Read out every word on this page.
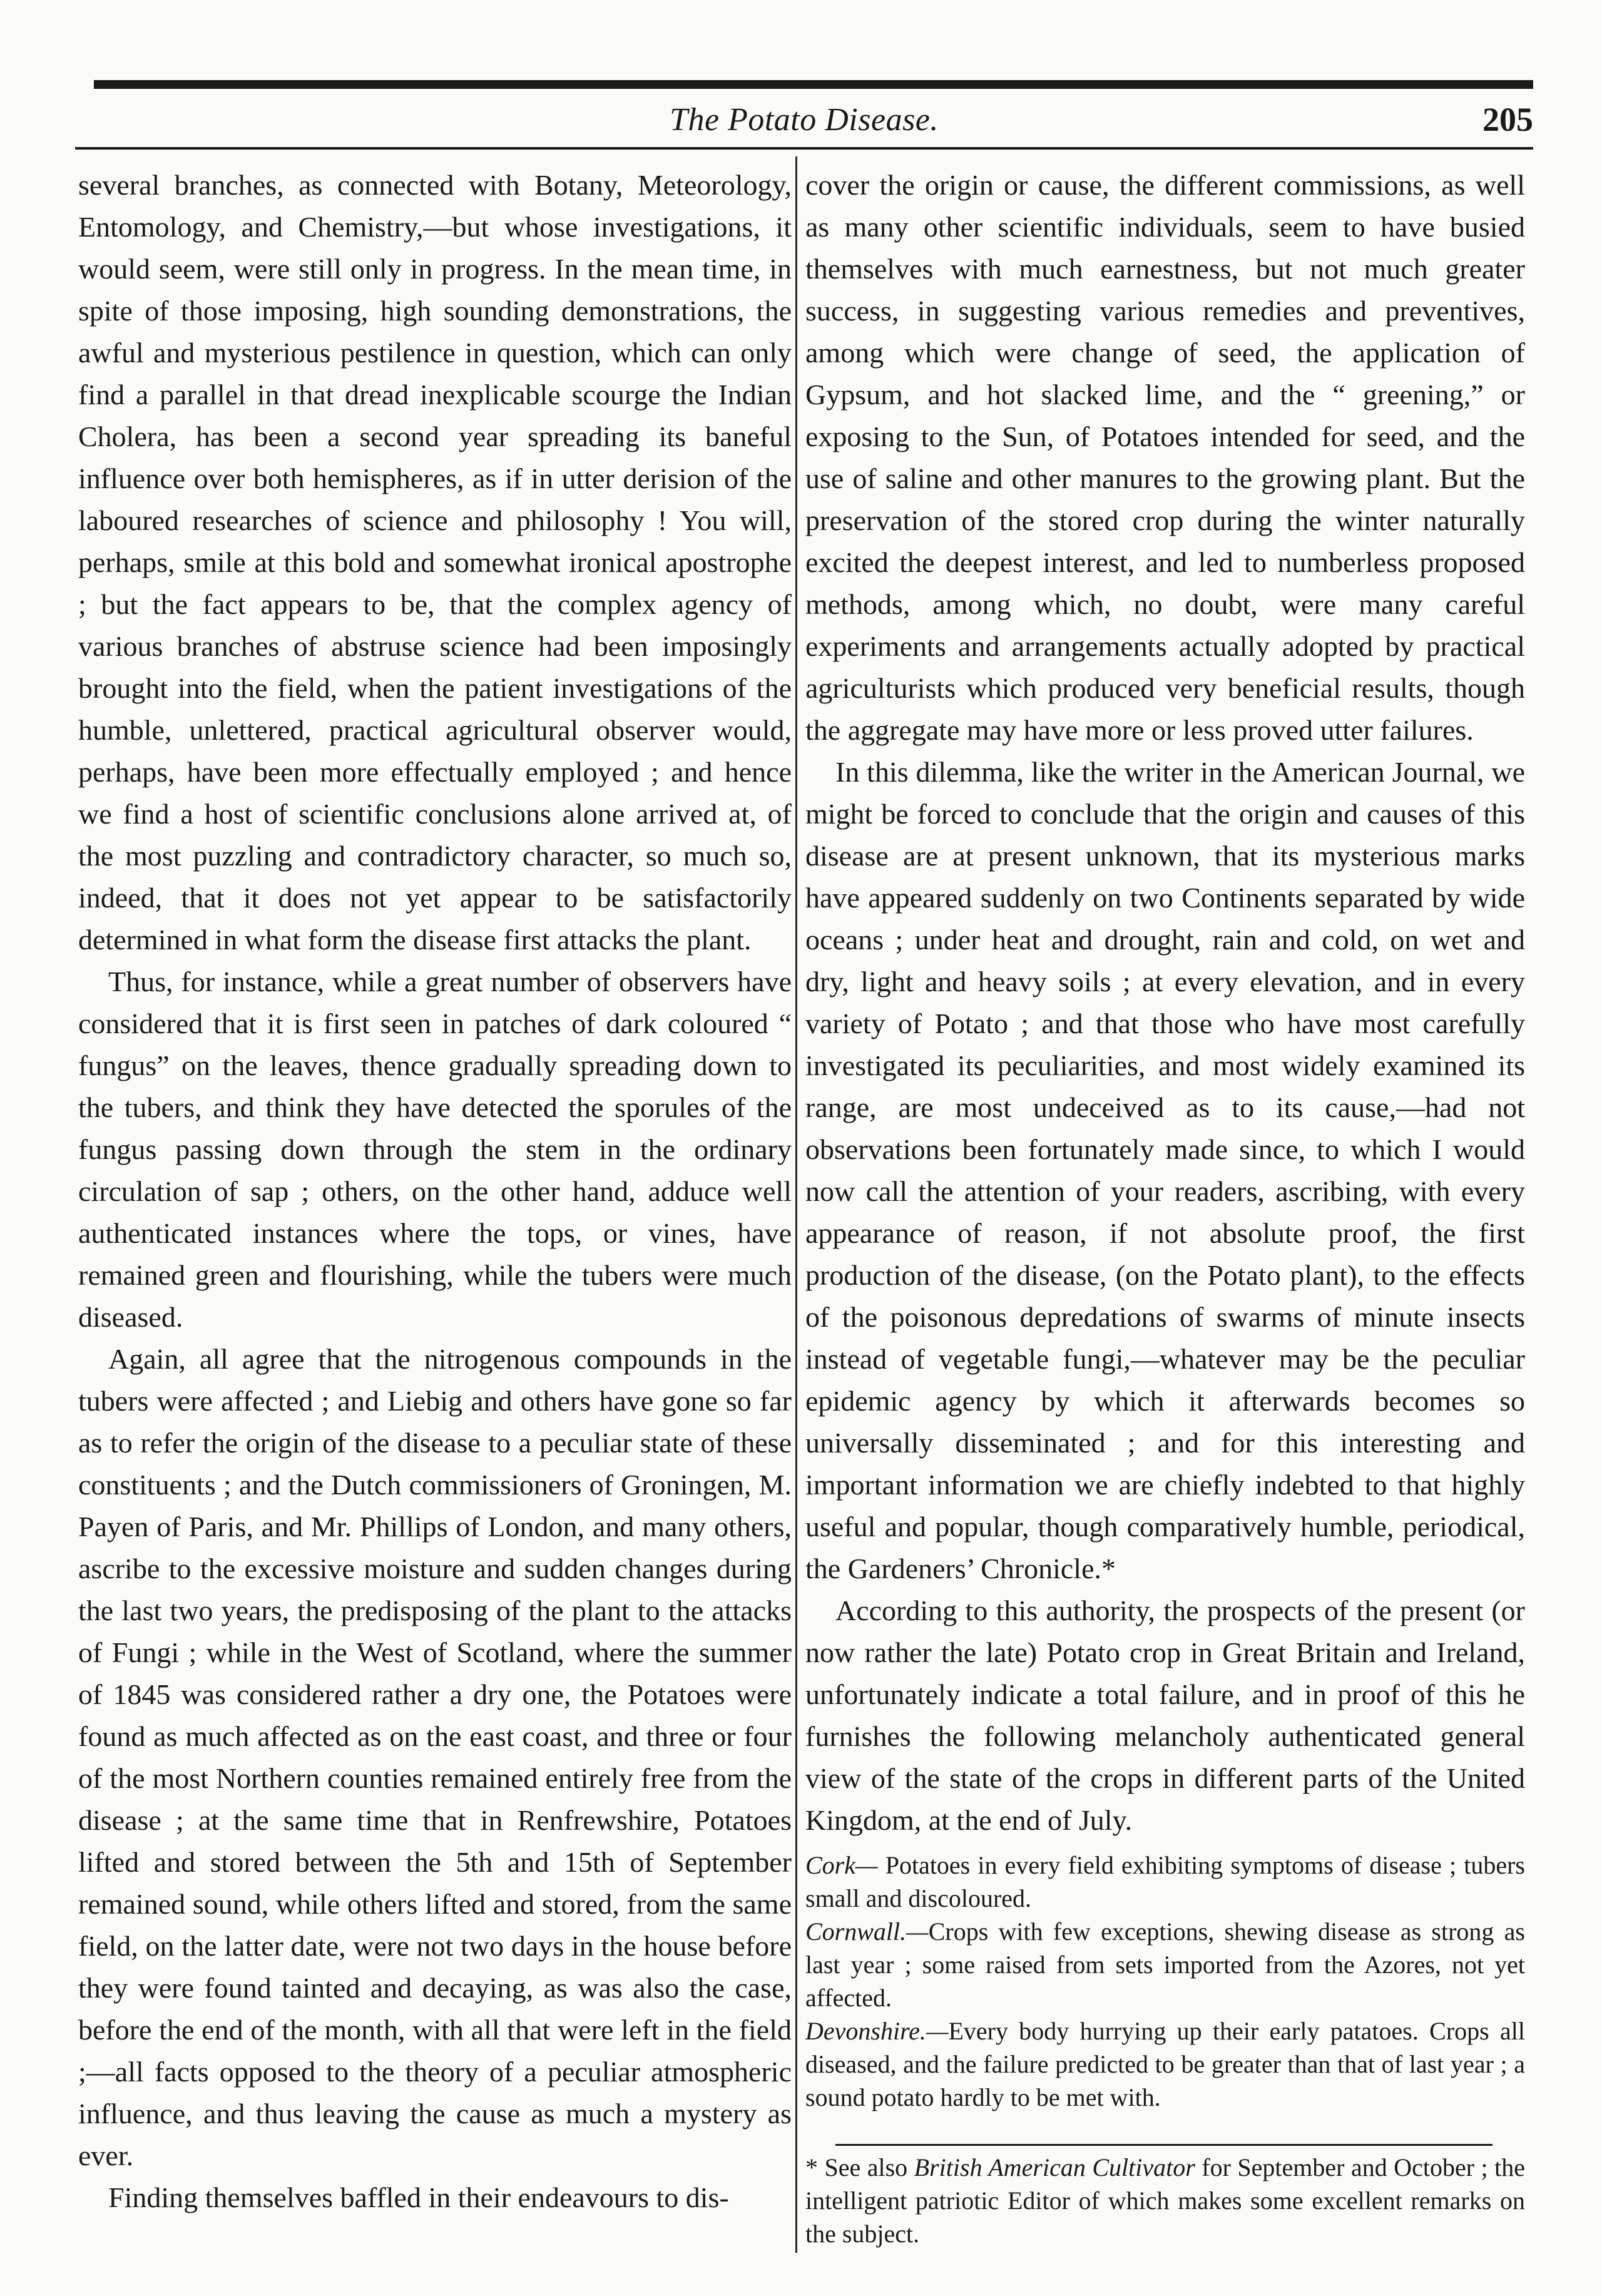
The Potato Disease.	205

several branches, as connected with Botany, Meteorology, Entomology, and Chemistry,—but whose investigations, it would seem, were still only in progress. In the mean time, in spite of those imposing, high sounding demonstrations, the awful and mysterious pestilence in question, which can only find a parallel in that dread inexplicable scourge the Indian Cholera, has been a second year spreading its baneful influence over both hemispheres, as if in utter derision of the laboured researches of science and philosophy ! You will, perhaps, smile at this bold and somewhat ironical apostrophe ; but the fact appears to be, that the complex agency of various branches of abstruse science had been imposingly brought into the field, when the patient investigations of the humble, unlettered, practical agricultural observer would, perhaps, have been more effectually employed ; and hence we find a host of scientific conclusions alone arrived at, of the most puzzling and contradictory character, so much so, indeed, that it does not yet appear to be satisfactorily determined in what form the disease first attacks the plant.

Thus, for instance, while a great number of observers have considered that it is first seen in patches of dark coloured “ fungus” on the leaves, thence gradually spreading down to the tubers, and think they have detected the sporules of the fungus passing down through the stem in the ordinary circulation of sap ; others, on the other hand, adduce well authenticated instances where the tops, or vines, have remained green and flourishing, while the tubers were much diseased.

Again, all agree that the nitrogenous compounds in the tubers were affected ; and Liebig and others have gone so far as to refer the origin of the disease to a peculiar state of these constituents ; and the Dutch commissioners of Groningen, M. Payen of Paris, and Mr. Phillips of London, and many others, ascribe to the excessive moisture and sudden changes during the last two years, the predisposing of the plant to the attacks of Fungi ; while in the West of Scotland, where the summer of 1845 was considered rather a dry one, the Potatoes were found as much affected as on the east coast, and three or four of the most Northern counties remained entirely free from the disease ; at the same time that in Renfrewshire, Potatoes lifted and stored between the 5th and 15th of September remained sound, while others lifted and stored, from the same field, on the latter date, were not two days in the house before they were found tainted and decaying, as was also the case, before the end of the month, with all that were left in the field ;—all facts opposed to the theory of a peculiar atmospheric influence, and thus leaving the cause as much a mystery as ever.

Finding themselves baffled in their endeavours to dis-

cover the origin or cause, the different commissions, as well as many other scientific individuals, seem to have busied themselves with much earnestness, but not much greater success, in suggesting various remedies and preventives, among which were change of seed, the application of Gypsum, and hot slacked lime, and the “ greening,” or exposing to the Sun, of Potatoes intended for seed, and the use of saline and other manures to the growing plant. But the preservation of the stored crop during the winter naturally excited the deepest interest, and led to numberless proposed methods, among which, no doubt, were many careful experiments and arrangements actually adopted by practical agriculturists which produced very beneficial results, though the aggregate may have more or less proved utter failures.

In this dilemma, like the writer in the American Journal, we might be forced to conclude that the origin and causes of this disease are at present unknown, that its mysterious marks have appeared suddenly on two Continents separated by wide oceans ; under heat and drought, rain and cold, on wet and dry, light and heavy soils ; at every elevation, and in every variety of Potato ; and that those who have most carefully investigated its peculiarities, and most widely examined its range, are most undeceived as to its cause,—had not observations been fortunately made since, to which I would now call the attention of your readers, ascribing, with every appearance of reason, if not absolute proof, the first production of the disease, (on the Potato plant), to the effects of the poisonous depredations of swarms of minute insects instead of vegetable fungi,—whatever may be the peculiar epidemic agency by which it afterwards becomes so universally disseminated ; and for this interesting and important information we are chiefly indebted to that highly useful and popular, though comparatively humble, periodical, the Gardeners’ Chronicle.*

According to this authority, the prospects of the present (or now rather the late) Potato crop in Great Britain and Ireland, unfortunately indicate a total failure, and in proof of this he furnishes the following melancholy authenticated general view of the state of the crops in different parts of the United Kingdom, at the end of July.

Cork— Potatoes in every field exhibiting symptoms of disease ; tubers small and discoloured.

Cornwall.—Crops with few exceptions, shewing disease as strong as last year ; some raised from sets imported from the Azores, not yet affected.

Devonshire.—Every body hurrying up their early patatoes. Crops all diseased, and the failure predicted to be greater than that of last year ; a sound potato hardly to be met with.

* See also British American Cultivator for September and October ; the intelligent patriotic Editor of which makes some excellent remarks on the subject.
